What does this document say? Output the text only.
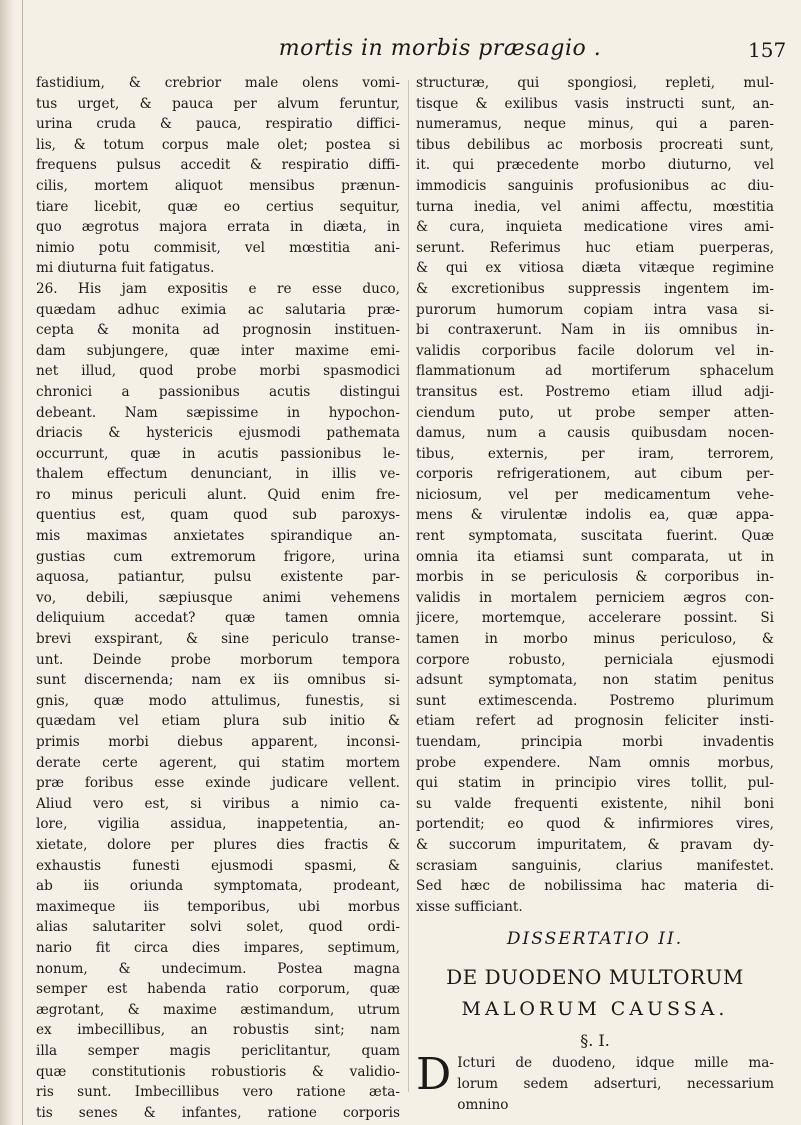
mortis in morbis præsagio .	157
fastidium, & crebrior male olens vomi-
tus urget, & pauca per alvum feruntur,
urina cruda & pauca, respiratio diffici-
lis, & totum corpus male olet; postea si
frequens pulsus accedit & respiratio diffi-
cilis, mortem aliquot mensibus prænun-
tiare licebit, quæ eo certius sequitur,
quo ægrotus majora errata in diæta, in
nimio potu commisit, vel mœstitia ani-
mi diuturna fuit fatigatus.
26. His jam expositis e re esse duco,
quædam adhuc eximia ac salutaria præ-
cepta & monita ad prognosin instituen-
dam subjungere, quæ inter maxime emi-
net illud, quod probe morbi spasmodici
chronici a passionibus acutis distingui
debeant. Nam sæpissime in hypochon-
driacis & hystericis ejusmodi pathemata
occurrunt, quæ in acutis passionibus le-
thalem effectum denunciant, in illis ve-
ro minus periculi alunt. Quid enim fre-
quentius est, quam quod sub paroxys-
mis maximas anxietates spirandique an-
gustias cum extremorum frigore, urina
aquosa, patiantur, pulsu existente par-
vo, debili, sæpiusque animi vehemens
deliquium accedat? quæ tamen omnia
brevi exspirant, & sine periculo transe-
unt. Deinde probe morborum tempora
sunt discernenda; nam ex iis omnibus si-
gnis, quæ modo attulimus, funestis, si
quædam vel etiam plura sub initio &
primis morbi diebus apparent, inconsi-
derate certe agerent, qui statim mortem
præ foribus esse exinde judicare vellent.
Aliud vero est, si viribus a nimio ca-
lore, vigilia assidua, inappetentia, an-
xietate, dolore per plures dies fractis &
exhaustis funesti ejusmodi spasmi, &
ab iis oriunda symptomata, prodeant,
maximeque iis temporibus, ubi morbus
alias salutariter solvi solet, quod ordi-
nario fit circa dies impares, septimum,
nonum, & undecimum. Postea magna
semper est habenda ratio corporum, quæ
ægrotant, & maxime æstimandum, utrum
ex imbecillibus, an robustis sint; nam
illa semper magis periclitantur, quam
quæ constitutionis robustioris & validio-
ris sunt. Imbecillibus vero ratione æta-
tis senes & infantes, ratione corporis
structuræ, qui spongiosi, repleti, mul-
tisque & exilibus vasis instructi sunt, an-
numeramus, neque minus, qui a paren-
tibus debilibus ac morbosis procreati sunt,
it. qui præcedente morbo diuturno, vel
immodicis sanguinis profusionibus ac diu-
turna inedia, vel animi affectu, mœstitia
& cura, inquieta medicatione vires ami-
serunt. Referimus huc etiam puerperas,
& qui ex vitiosa diæta vitæque regimine
& excretionibus suppressis ingentem im-
purorum humorum copiam intra vasa si-
bi contraxerunt. Nam in iis omnibus in-
validis corporibus facile dolorum vel in-
flammationum ad mortiferum sphacelum
transitus est. Postremo etiam illud adji-
ciendum puto, ut probe semper atten-
damus, num a causis quibusdam nocen-
tibus, externis, per iram, terrorem,
corporis refrigerationem, aut cibum per-
niciosum, vel per medicamentum vehe-
mens & virulentæ indolis ea, quæ appa-
rent symptomata, suscitata fuerint. Quæ
omnia ita etiamsi sunt comparata, ut in
morbis in se periculosis & corporibus in-
validis in mortalem perniciem ægros con-
jicere, mortemque, accelerare possint. Si
tamen in morbo minus periculoso, &
corpore robusto, perniciala ejusmodi
adsunt symptomata, non statim penitus
sunt extimescenda. Postremo plurimum
etiam refert ad prognosin feliciter insti-
tuendam, principia morbi invadentis
probe expendere. Nam omnis morbus,
qui statim in principio vires tollit, pul-
su valde frequenti existente, nihil boni
portendit; eo quod & infirmiores vires,
& succorum impuritatem, & pravam dy-
scrasiam sanguinis, clarius manifestet.
Sed hæc de nobilissima hac materia di-
xisse sufficiant.
DISSERTATIO II.
DE DUODENO MULTORUM
MALORUM CAUSSA.
§. I.
D Icturi de duodeno, idque mille ma-
lorum sedem adserturi, necessarium
omnino
